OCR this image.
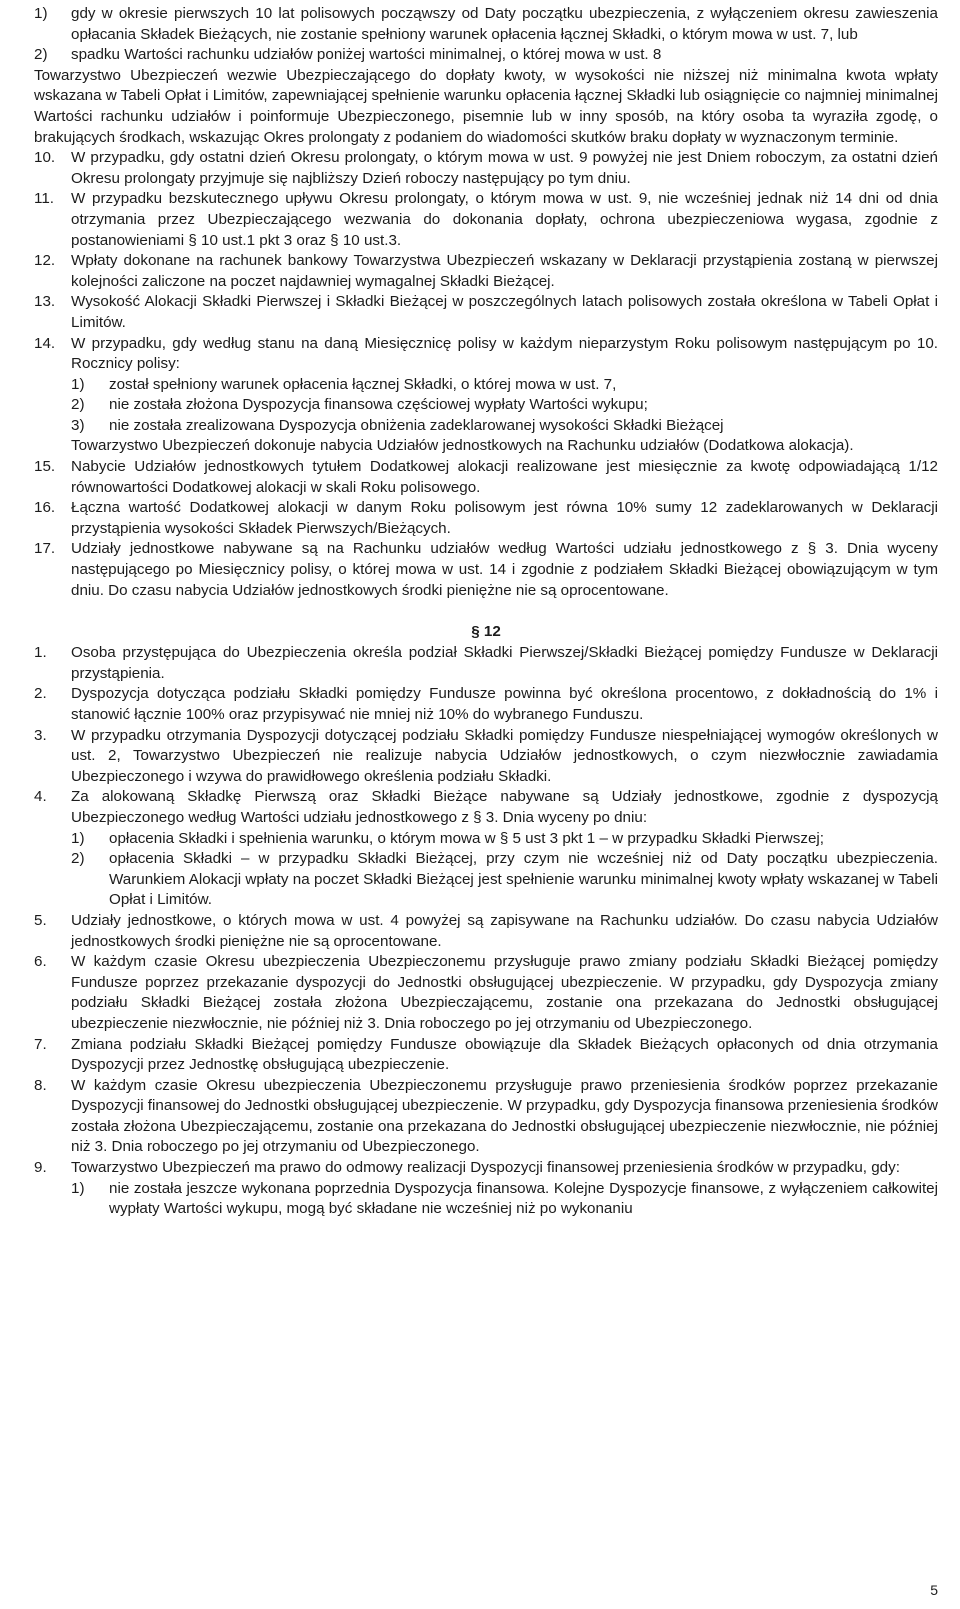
1)	gdy w okresie pierwszych 10 lat polisowych począwszy od Daty początku ubezpieczenia, z wyłączeniem okresu zawieszenia opłacania Składek Bieżących, nie zostanie spełniony warunek opłacenia łącznej Składki, o którym mowa w ust. 7, lub
2)	spadku Wartości rachunku udziałów poniżej wartości minimalnej, o której mowa w ust. 8
Towarzystwo Ubezpieczeń wezwie Ubezpieczającego do dopłaty kwoty, w wysokości nie niższej niż minimalna kwota wpłaty wskazana w Tabeli Opłat i Limitów, zapewniającej spełnienie warunku opłacenia łącznej Składki lub osiągnięcie co najmniej minimalnej Wartości rachunku udziałów i poinformuje Ubezpieczonego, pisemnie lub w inny sposób, na który osoba ta wyraziła zgodę, o brakujących środkach, wskazując Okres prolongaty z podaniem do wiadomości skutków braku dopłaty w wyznaczonym terminie.
10.	W przypadku, gdy ostatni dzień Okresu prolongaty, o którym mowa w ust. 9 powyżej nie jest Dniem roboczym, za ostatni dzień Okresu prolongaty przyjmuje się najbliższy Dzień roboczy następujący po tym dniu.
11.	W przypadku bezskutecznego upływu Okresu prolongaty, o którym mowa w ust. 9, nie wcześniej jednak niż 14 dni od dnia otrzymania przez Ubezpieczającego wezwania do dokonania dopłaty, ochrona ubezpieczeniowa wygasa, zgodnie z postanowieniami § 10 ust.1 pkt 3 oraz § 10 ust.3.
12.	Wpłaty dokonane na rachunek bankowy Towarzystwa Ubezpieczeń wskazany w Deklaracji przystąpienia zostaną w pierwszej kolejności zaliczone na poczet najdawniej wymagalnej Składki Bieżącej.
13.	Wysokość Alokacji Składki Pierwszej i Składki Bieżącej w poszczególnych latach polisowych została określona w Tabeli Opłat i Limitów.
14.	W przypadku, gdy według stanu na daną Miesięcznicę polisy w każdym nieparzystym Roku polisowym następującym po 10. Rocznicy polisy:
1)	został spełniony warunek opłacenia łącznej Składki, o której mowa w ust. 7,
2)	nie została złożona Dyspozycja finansowa częściowej wypłaty Wartości wykupu;
3)	nie została zrealizowana Dyspozycja obniżenia zadeklarowanej wysokości Składki Bieżącej
Towarzystwo Ubezpieczeń dokonuje nabycia Udziałów jednostkowych na Rachunku udziałów (Dodatkowa alokacja).
15.	Nabycie Udziałów jednostkowych tytułem Dodatkowej alokacji realizowane jest miesięcznie za kwotę odpowiadającą 1/12 równowartości Dodatkowej alokacji w skali Roku polisowego.
16.	Łączna wartość Dodatkowej alokacji w danym Roku polisowym jest równa 10% sumy 12 zadeklarowanych w Deklaracji przystąpienia wysokości Składek Pierwszych/Bieżących.
17.	Udziały jednostkowe nabywane są na Rachunku udziałów według Wartości udziału jednostkowego z § 3. Dnia wyceny następującego po Miesięcznicy polisy, o której mowa w ust. 14 i zgodnie z podziałem Składki Bieżącej obowiązującym w tym dniu. Do czasu nabycia Udziałów jednostkowych środki pieniężne nie są oprocentowane.
§ 12
1.	Osoba przystępująca do Ubezpieczenia określa podział Składki Pierwszej/Składki Bieżącej pomiędzy Fundusze w Deklaracji przystąpienia.
2.	Dyspozycja dotycząca podziału Składki pomiędzy Fundusze powinna być określona procentowo, z dokładnością do 1% i stanowić łącznie 100% oraz przypisywać nie mniej niż 10% do wybranego Funduszu.
3.	W przypadku otrzymania Dyspozycji dotyczącej podziału Składki pomiędzy Fundusze niespełniającej wymogów określonych w ust. 2, Towarzystwo Ubezpieczeń nie realizuje nabycia Udziałów jednostkowych, o czym niezwłocznie zawiadamia Ubezpieczonego i wzywa do prawidłowego określenia podziału Składki.
4.	Za alokowaną Składkę Pierwszą oraz Składki Bieżące nabywane są Udziały jednostkowe, zgodnie z dyspozycją Ubezpieczonego według Wartości udziału jednostkowego z § 3. Dnia wyceny po dniu:
1)	opłacenia Składki i spełnienia warunku, o którym mowa w § 5 ust 3 pkt 1 – w przypadku Składki Pierwszej;
2)	opłacenia Składki – w przypadku Składki Bieżącej, przy czym nie wcześniej niż od Daty początku ubezpieczenia. Warunkiem Alokacji wpłaty na poczet Składki Bieżącej jest spełnienie warunku minimalnej kwoty wpłaty wskazanej w Tabeli Opłat i Limitów.
5.	Udziały jednostkowe, o których mowa w ust. 4 powyżej są zapisywane na Rachunku udziałów. Do czasu nabycia Udziałów jednostkowych środki pieniężne nie są oprocentowane.
6.	W każdym czasie Okresu ubezpieczenia Ubezpieczonemu przysługuje prawo zmiany podziału Składki Bieżącej pomiędzy Fundusze poprzez przekazanie dyspozycji do Jednostki obsługującej ubezpieczenie. W przypadku, gdy Dyspozycja zmiany podziału Składki Bieżącej została złożona Ubezpieczającemu, zostanie ona przekazana do Jednostki obsługującej ubezpieczenie niezwłocznie, nie później niż 3. Dnia roboczego po jej otrzymaniu od Ubezpieczonego.
7.	Zmiana podziału Składki Bieżącej pomiędzy Fundusze obowiązuje dla Składek Bieżących opłaconych od dnia otrzymania Dyspozycji przez Jednostkę obsługującą ubezpieczenie.
8.	W każdym czasie Okresu ubezpieczenia Ubezpieczonemu przysługuje prawo przeniesienia środków poprzez przekazanie Dyspozycji finansowej do Jednostki obsługującej ubezpieczenie. W przypadku, gdy Dyspozycja finansowa przeniesienia środków została złożona Ubezpieczającemu, zostanie ona przekazana do Jednostki obsługującej ubezpieczenie niezwłocznie, nie później niż 3. Dnia roboczego po jej otrzymaniu od Ubezpieczonego.
9.	Towarzystwo Ubezpieczeń ma prawo do odmowy realizacji Dyspozycji finansowej przeniesienia środków w przypadku, gdy:
1)	nie została jeszcze wykonana poprzednia Dyspozycja finansowa. Kolejne Dyspozycje finansowe, z wyłączeniem całkowitej wypłaty Wartości wykupu, mogą być składane nie wcześniej niż po wykonaniu
5
